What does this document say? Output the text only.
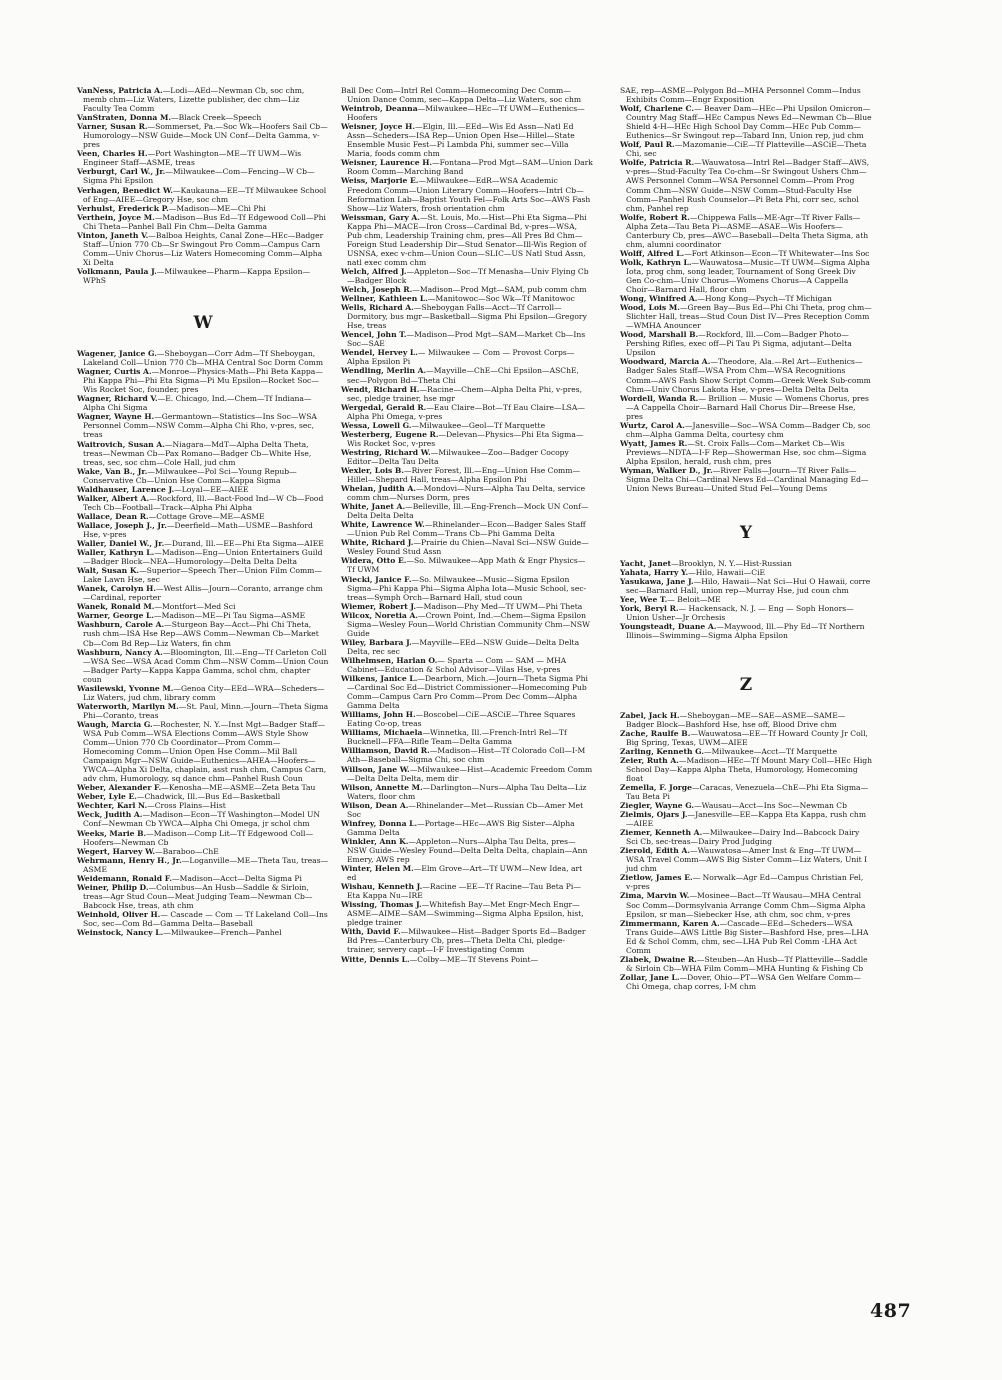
VanNess, Patricia A.—Lodi—AEd—Newman Cb, soc chm, memb chm—Liz Waters, Lizette publisher, dec chm—Liz Faculty Tea Comm

VanStraten, Donna M.—Black Creek—Speech

Varner, Susan R.—Sommerset, Pa.—Soc Wk—Hoofers Sail Cb—Humorology—NSW Guide—Mock UN Conf—Delta Gamma, v-pres

Veen, Charles H.—Port Washington—ME—Tf UWM—Wis Engineer Staff—ASME, treas

Verburgt, Carl W., Jr.—Milwaukee—Com—Fencing—W Cb—Sigma Phi Epsilon

Verhagen, Benedict W.—Kaukauna—EE—Tf Milwaukee School of Eng—AIEE—Gregory Hse, soc chm

Verhulst, Frederick P.—Madison—ME—Chi Phi

Verthein, Joyce M.—Madison—Bus Ed—Tf Edgewood Coll—Phi Chi Theta—Panhel Ball Fin Chm—Delta Gamma

Vinton, Janeth V.—Balboa Heights, Canal Zone—HEc—Badger Staff—Union 770 Cb—Sr Swingout Pro Comm—Campus Carn Comm—Univ Chorus—Liz Waters Homecoming Comm—Alpha Xi Delta

Volkmann, Paula J.—Milwaukee—Pharm—Kappa Epsilon—WPhS

W

Wagener, Janice G.—Sheboygan—Corr Adm—Tf Sheboygan, Lakeland Coll—Union 770 Cb—MHA Central Soc Dorm Comm

Wagner, Curtis A.—Monroe—Physics-Math—Phi Beta Kappa—Phi Kappa Phi—Phi Eta Sigma—Pi Mu Epsilon—Rocket Soc—Wis Rocket Soc, founder, pres

Wagner, Richard V.—E. Chicago, Ind.—Chem—Tf Indiana—Alpha Chi Sigma

Wagner, Wayne H.—Germantown—Statistics—Ins Soc—WSA Personnel Comm—NSW Comm—Alpha Chi Rho, v-pres, sec, treas

Waitrovich, Susan A.—Niagara—MdT—Alpha Delta Theta, treas—Newman Cb—Pax Romano—Badger Cb—White Hse, treas, sec, soc chm—Cole Hall, jud chm

Wake, Van B., Jr.—Milwaukee—Pol Sci—Young Repub—Conservative Cb—Union Hse Comm—Kappa Sigma

Waldhauser, Larence J.—Loyal—EE—AIEE

Walker, Albert A.—Rockford, Ill.—Bact-Food Ind—W Cb—Food Tech Cb—Football—Track—Alpha Phi Alpha

Wallace, Dean R.—Cottage Grove—ME—ASME

Wallace, Joseph J., Jr.—Deerfield—Math—USME—Bashford Hse, v-pres

Waller, Daniel W., Jr.—Durand, Ill.—EE—Phi Eta Sigma—AIEE

Waller, Kathryn L.—Madison—Eng—Union Entertainers Guild—Badger Block—NEA—Humorology—Delta Delta Delta

Walt, Susan K.—Superior—Speech Ther—Union Film Comm—Lake Lawn Hse, sec

Wanek, Carolyn H.—West Allis—Journ—Coranto, arrange chm—Cardinal, reporter

Wanek, Ronald M.—Montfort—Med Sci

Warner, George L.—Madison—ME—Pi Tau Sigma—ASME

Washburn, Carole A.—Sturgeon Bay—Acct—Phi Chi Theta, rush chm—ISA Hse Rep—AWS Comm—Newman Cb—Market Cb—Com Bd Rep—Liz Waters, fin chm

Washburn, Nancy A.—Bloomington, Ill.—Eng—Tf Carleton Coll—WSA Sec—WSA Acad Comm Chm—NSW Comm—Union Coun—Badger Party—Kappa Kappa Gamma, schol chm, chapter coun

Wasilewski, Yvonne M.—Genoa City—EEd—WRA—Scheders—Liz Waters, jud chm, library comm

Waterworth, Marilyn M.—St. Paul, Minn.—Journ—Theta Sigma Phi—Coranto, treas

Waugh, Marcia G.—Rochester, N. Y.—Inst Mgt—Badger Staff—WSA Pub Comm—WSA Elections Comm—AWS Style Show Comm—Union 770 Cb Coordinator—Prom Comm—Homecoming Comm—Union Open Hse Comm—Mil Ball Campaign Mgr—NSW Guide—Euthenics—AHEA—Hoofers—YWCA—Alpha Xi Delta, chaplain, asst rush chm, Campus Carn, adv chm, Humorology, sq dance chm—Panhel Rush Coun

Weber, Alexander F.—Kenosha—ME—ASME—Zeta Beta Tau

Weber, Lyle E.—Chadwick, Ill.—Bus Ed—Basketball

Wechter, Karl N.—Cross Plains—Hist

Weck, Judith A.—Madison—Econ—Tf Washington—Model UN Conf—Newman Cb YWCA—Alpha Chi Omega, jr schol chm

Weeks, Marie B.—Madison—Comp Lit—Tf Edgewood Coll—Hoofers—Newman Cb

Wegert, Harvey W.—Baraboo—ChE

Wehrmann, Henry H., Jr.—Loganville—ME—Theta Tau, treas—ASME

Weidemann, Ronald F.—Madison—Acct—Delta Sigma Pi

Weiner, Philip D.—Columbus—An Husb—Saddle & Sirloin, treas—Agr Stud Coun—Meat Judging Team—Newman Cb—Babcock Hse, treas, ath chm

Weinhold, Oliver H.— Cascade — Com — Tf Lakeland Coll—Ins Soc, sec—Com Bd—Gamma Delta—Baseball

Weinstock, Nancy L.—Milwaukee—French—Panhel

Ball Dec Com—Intrl Rel Comm—Homecoming Dec Comm—Union Dance Comm, sec—Kappa Delta—Liz Waters, soc chm

Weintrob, Deanna—Milwaukee—HEc—Tf UWM—Euthenics—Hoofers

Weisner, Joyce H.—Elgin, Ill.—EEd—Wis Ed Assn—Natl Ed Assn—Scheders—ISA Rep—Union Open Hse—Hillel—State Ensemble Music Fest—Pi Lambda Phi, summer sec—Villa Maria, foods comm chm

Weisner, Laurence H.—Fontana—Prod Mgt—SAM—Union Dark Room Comm—Marching Band

Weiss, Marjorie E.—Milwaukee—EdR—WSA Academic Freedom Comm—Union Literary Comm—Hoofers—Intrl Cb—Reformation Lab—Baptist Youth Fel—Folk Arts Soc—AWS Fash Show—Liz Waters, frosh orientation chm

Weissman, Gary A.—St. Louis, Mo.—Hist—Phi Eta Sigma—Phi Kappa Phi—MACE—Iron Cross—Cardinal Bd, v-pres—WSA, Pub chm, Leadership Training chm, pres—All Pres Bd Chm—Foreign Stud Leadership Dir—Stud Senator—Ill-Wis Region of USNSA, exec v-chm—Union Coun—SLIC—US Natl Stud Assn, natl exec comm chm

Welch, Alfred J.—Appleton—Soc—Tf Menasha—Univ Flying Cb—Badger Block

Welch, Joseph R.—Madison—Prod Mgt—SAM, pub comm chm

Wellner, Kathleen L.—Manitowoc—Soc Wk—Tf Manitowoc

Wells, Richard A.—Sheboygan Falls—Acct—Tf Carroll—Dormitory, bus mgr—Basketball—Sigma Phi Epsilon—Gregory Hse, treas

Wencel, John T.—Madison—Prod Mgt—SAM—Market Cb—Ins Soc—SAE

Wendel, Hervey L.— Milwaukee — Com — Provost Corps—Alpha Epsilon Pi

Wendling, Merlin A.—Mayville—ChE—Chi Epsilon—ASChE, sec—Polygon Bd—Theta Chi

Wendt, Richard H.—Racine—Chem—Alpha Delta Phi, v-pres, sec, pledge trainer, hse mgr

Wergedal, Gerald R.—Eau Claire—Bot—Tf Eau Claire—LSA—Alpha Phi Omega, v-pres

Wessa, Lowell G.—Milwaukee—Geol—Tf Marquette

Westerberg, Eugene R.—Delevan—Physics—Phi Eta Sigma—Wis Rocket Soc, v-pres

Westring, Richard W.—Milwaukee—Zoo—Badger Cocopy Editor—Delta Tau Delta

Wexler, Lois B.—River Forest, Ill.—Eng—Union Hse Comm—Hillel—Shepard Hall, treas—Alpha Epsilon Phi

Whelan, Judith A.—Mondovi—Nurs—Alpha Tau Delta, service comm chm—Nurses Dorm, pres

White, Janet A.—Belleville, Ill.—Eng-French—Mock UN Conf—Delta Delta Delta

White, Lawrence W.—Rhinelander—Econ—Badger Sales Staff—Union Pub Rel Comm—Trans Cb—Phi Gamma Delta

White, Richard J.—Prairie du Chien—Naval Sci—NSW Guide—Wesley Found Stud Assn

Widera, Otto E.—So. Milwaukee—App Math & Engr Physics—Tf UWM

Wiecki, Janice F.—So. Milwaukee—Music—Sigma Epsilon Sigma—Phi Kappa Phi—Sigma Alpha Iota—Music School, sec-treas—Symph Orch—Barnard Hall, stud coun

Wiemer, Robert J.—Madison—Phy Med—Tf UWM—Phi Theta

Wilcox, Noretia A.—Crown Point, Ind.—Chem—Sigma Epsilon Sigma—Wesley Foun—World Christian Community Chm—NSW Guide

Wiley, Barbara J.—Mayville—EEd—NSW Guide—Delta Delta Delta, rec sec

Wilhelmsen, Harlan O.— Sparta — Com — SAM — MHA Cabinet—Education & Schol Advisor—Vilas Hse, v-pres

Wilkens, Janice L.—Dearborn, Mich.—Journ—Theta Sigma Phi—Cardinal Soc Ed—District Commissioner—Homecoming Pub Comm—Campus Carn Pro Comm—Prom Dec Comm—Alpha Gamma Delta

Williams, John H.—Boscobel—CiE—ASCiE—Three Squares Eating Co-op, treas

Williams, Michaela—Winnetka, Ill.—French-Intrl Rel—Tf Bucknell—FFA—Rifle Team—Delta Gamma

Williamson, David R.—Madison—Hist—Tf Colorado Coll—I-M Ath—Baseball—Sigma Chi, soc chm

Willson, Jane W.—Milwaukee—Hist—Academic Freedom Comm—Delta Delta Delta, mem dir

Wilson, Annette M.—Darlington—Nurs—Alpha Tau Delta—Liz Waters, floor chm

Wilson, Dean A.—Rhinelander—Met—Russian Cb—Amer Met Soc

Winfrey, Donna L.—Portage—HEc—AWS Big Sister—Alpha Gamma Delta

Winkler, Ann K.—Appleton—Nurs—Alpha Tau Delta, pres—NSW Guide—Wesley Found—Delta Delta Delta, chaplain—Ann Emery, AWS rep

Winter, Helen M.—Elm Grove—Art—Tf UWM—New Idea, art ed

Wishau, Kenneth J.—Racine —EE—Tf Racine—Tau Beta Pi—Eta Kappa Nu—IRE

Wissing, Thomas J.—Whitefish Bay—Met Engr-Mech Engr—ASME—AIME—SAM—Swimming—Sigma Alpha Epsilon, hist, pledge trainer

With, David F.—Milwaukee—Hist—Badger Sports Ed—Badger Bd Pres—Canterbury Cb, pres—Theta Delta Chi, pledge-trainer, servery capt—I-F Investigating Comm

Witte, Dennis L.—Colby—ME—Tf Stevens Point—

SAE, rep—ASME—Polygon Bd—MHA Personnel Comm—Indus Exhibits Comm—Engr Exposition

Wolf, Charlene C.— Beaver Dam—HEc—Phi Upsilon Omicron—Country Mag Staff—HEc Campus News Ed—Newman Cb—Blue Shield 4-H—HEc High School Day Comm—HEc Pub Comm—Euthenics—Sr Swingout rep—Tabard Inn, Union rep, jud chm

Wolf, Paul R.—Mazomanie—CiE—Tf Platteville—ASCiE—Theta Chi, sec

Wolfe, Patricia R.—Wauwatosa—Intrl Rel—Badger Staff—AWS, v-pres—Stud-Faculty Tea Co-chm—Sr Swingout Ushers Chm—AWS Personnel Comm—WSA Personnel Comm—Prom Prog Comm Chm—NSW Guide—NSW Comm—Stud-Faculty Hse Comm—Panhel Rush Counselor—Pi Beta Phi, corr sec, schol chm, Panhel rep

Wolfe, Robert R.—Chippewa Falls—ME-Agr—Tf River Falls—Alpha Zeta—Tau Beta Pi—ASME—ASAE—Wis Hoofers—Canterbury Cb, pres—AWC—Baseball—Delta Theta Sigma, ath chm, alumni coordinator

Wolff, Alfred L.—Fort Atkinson—Econ—Tf Whitewater—Ins Soc

Wolk, Kathryn L.—Wauwatosa—Music—Tf UWM—Sigma Alpha Iota, prog chm, song leader, Tournament of Song Greek Div Gen Co-chm—Univ Chorus—Womens Chorus—A Cappella Choir—Barnard Hall, floor chm

Wong, Winifred A.—Hong Kong—Psych—Tf Michigan

Wood, Lois M.—Green Bay—Bus Ed—Phi Chi Theta, prog chm—Slichter Hall, treas—Stud Coun Dist IV—Pres Reception Comm—WMHA Anouncer

Wood, Marshall B.—Rockford, Ill.—Com—Badger Photo—Pershing Rifles, exec off—Pi Tau Pi Sigma, adjutant—Delta Upsilon

Woodward, Marcia A.—Theodore, Ala.—Rel Art—Euthenics—Badger Sales Staff—WSA Prom Chm—WSA Recognitions Comm—AWS Fash Show Script Comm—Greek Week Sub-comm Chm—Univ Chorus Lakota Hse, v-pres—Delta Delta Delta

Wordell, Wanda R.— Brillion — Music — Womens Chorus, pres—A Cappella Choir—Barnard Hall Chorus Dir—Breese Hse, pres

Wurtz, Carol A.—Janesville—Soc—WSA Comm—Badger Cb, soc chm—Alpha Gamma Delta, courtesy chm

Wyatt, James R.—St. Croix Falls—Com—Market Cb—Wis Previews—NDTA—I-F Rep—Showerman Hse, soc chm—Sigma Alpha Epsilon, herald, rush chm, pres

Wyman, Walker D., Jr.—River Falls—Journ—Tf River Falls—Sigma Delta Chi—Cardinal News Ed—Cardinal Managing Ed—Union News Bureau—United Stud Fel—Young Dems

Y

Yacht, Janet—Brooklyn, N. Y.—Hist-Russian

Yahata, Harry Y.—Hilo, Hawaii—CiE

Yasukawa, Jane J.—Hilo, Hawaii—Nat Sci—Hui O Hawaii, corre sec—Barnard Hall, union rep—Murray Hse, jud coun chm

Yee, Wee T.— Beloit—ME

York, Beryl R.— Hackensack, N. J. — Eng — Soph Honors—Union Usher—Jr Orchesis

Youngsteadt, Duane A.—Maywood, Ill.—Phy Ed—Tf Northern Illinois—Swimming—Sigma Alpha Epsilon

Z

Zabel, Jack H.—Sheboygan—ME—SAE—ASME—SAME—Badger Block—Bashford Hse, hse off, Blood Drive chm

Zache, Raulfe B.—Wauwatosa—EE—Tf Howard County Jr Coll, Big Spring, Texas, UWM—AIEE

Zarling, Kenneth G.—Milwaukee—Acct—Tf Marquette

Zeier, Ruth A.—Madison—HEc—Tf Mount Mary Coll—HEc High School Day—Kappa Alpha Theta, Humorology, Homecoming float

Zemella, F. Jorge—Caracas, Venezuela—ChE—Phi Eta Sigma—Tau Beta Pi

Ziegler, Wayne G.—Wausau—Acct—Ins Soc—Newman Cb

Zielmis, Ojars J.—Janesville—EE—Kappa Eta Kappa, rush chm—AIEE

Ziemer, Kenneth A.—Milwaukee—Dairy Ind—Babcock Dairy Sci Cb, sec-treas—Dairy Prod Judging

Zierold, Edith A.—Wauwatosa—Amer Inst & Eng—Tf UWM—WSA Travel Comm—AWS Big Sister Comm—Liz Waters, Unit I jud chm

Zietlow, James E.— Norwalk—Agr Ed—Campus Christian Fel, v-pres

Zima, Marvin W.—Mosinee—Bact—Tf Wausau—MHA Central Soc Comm—Dormsylvania Arrange Comm Chm—Sigma Alpha Epsilon, sr man—Siebecker Hse, ath chm, soc chm, v-pres

Zimmermann, Karen A.—Cascade—EEd—Scheders—WSA Trans Guide—AWS Little Big Sister—Bashford Hse, pres—LHA Ed & Schol Comm, chm, sec—LHA Pub Rel Comm -LHA Act Comm

Zlabek, Dwaine R.—Steuben—An Husb—Tf Platteville—Saddle & Sirloin Cb—WHA Film Comm—MHA Hunting & Fishing Cb

Zollar, Jane L.—Dover, Ohio—PT—WSA Gen Welfare Comm—Chi Omega, chap corres, I-M chm

487
